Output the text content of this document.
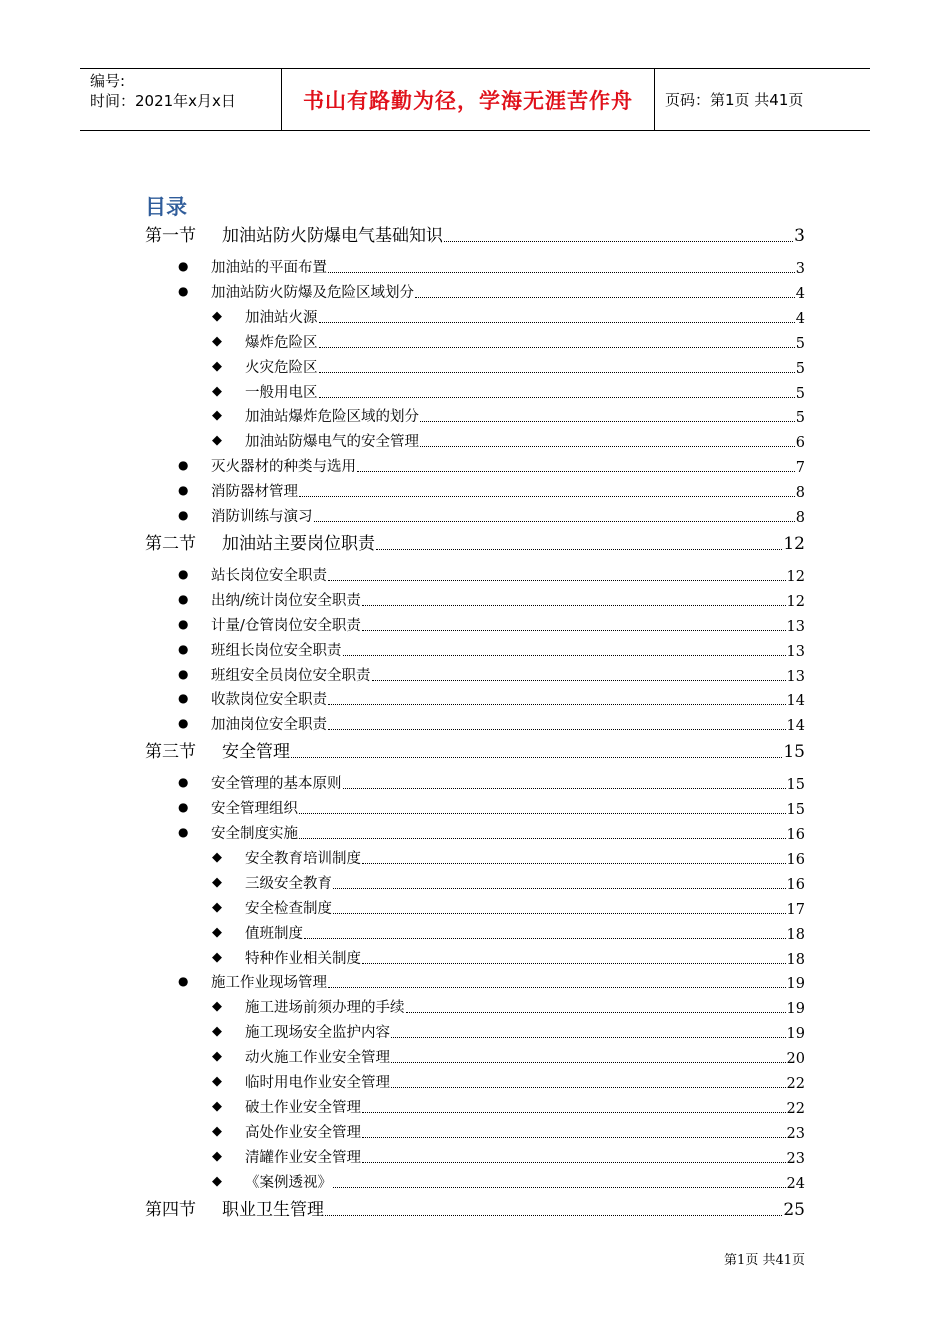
编号:
时间：2021年x月x日	书山有路勤为径，学海无涯苦作舟	页码：第1页 共41页
目录
第一节 加油站防火防爆电气基础知识	3
● 加油站的平面布置	3
● 加油站防火防爆及危险区域划分	4
◆ 加油站火源	4
◆ 爆炸危险区	5
◆ 火灾危险区	5
◆ 一般用电区	5
◆ 加油站爆炸危险区域的划分	5
◆ 加油站防爆电气的安全管理	6
● 灭火器材的种类与选用	7
● 消防器材管理	8
● 消防训练与演习	8
第二节 加油站主要岗位职责	12
● 站长岗位安全职责	12
● 出纳/统计岗位安全职责	12
● 计量/仓管岗位安全职责	13
● 班组长岗位安全职责	13
● 班组安全员岗位安全职责	13
● 收款岗位安全职责	14
● 加油岗位安全职责	14
第三节 安全管理	15
● 安全管理的基本原则	15
● 安全管理组织	15
● 安全制度实施	16
◆ 安全教育培训制度	16
◆ 三级安全教育	16
◆ 安全检查制度	17
◆ 值班制度	18
◆ 特种作业相关制度	18
● 施工作业现场管理	19
◆ 施工进场前须办理的手续	19
◆ 施工现场安全监护内容	19
◆ 动火施工作业安全管理	20
◆ 临时用电作业安全管理	22
◆ 破土作业安全管理	22
◆ 高处作业安全管理	23
◆ 清罐作业安全管理	23
◆ 《案例透视》	24
第四节 职业卫生管理	25
第1页 共41页
